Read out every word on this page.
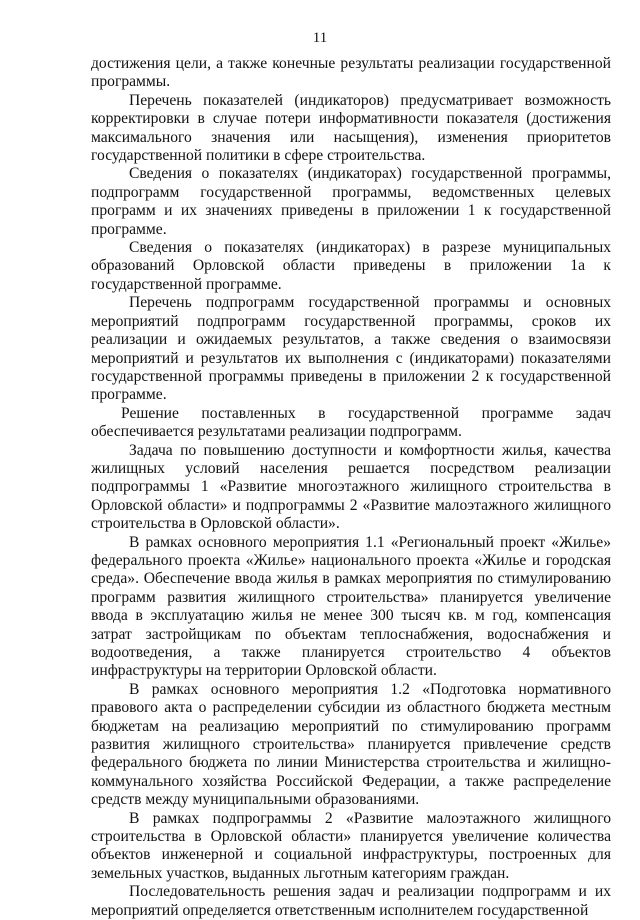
11

достижения цели, а также конечные результаты реализации государственной программы.

Перечень показателей (индикаторов) предусматривает возможность корректировки в случае потери информативности показателя (достижения максимального значения или насыщения), изменения приоритетов государственной политики в сфере строительства.

Сведения о показателях (индикаторах) государственной программы, подпрограмм государственной программы, ведомственных целевых программ и их значениях приведены в приложении 1 к государственной программе.

Сведения о показателях (индикаторах) в разрезе муниципальных образований Орловской области приведены в приложении 1а к государственной программе.

Перечень подпрограмм государственной программы и основных мероприятий подпрограмм государственной программы, сроков их реализации и ожидаемых результатов, а также сведения о взаимосвязи мероприятий и результатов их выполнения с (индикаторами) показателями государственной программы приведены в приложении 2 к государственной программе.

Решение поставленных в государственной программе задач обеспечивается результатами реализации подпрограмм.

Задача по повышению доступности и комфортности жилья, качества жилищных условий населения решается посредством реализации подпрограммы 1 «Развитие многоэтажного жилищного строительства в Орловской области» и подпрограммы 2 «Развитие малоэтажного жилищного строительства в Орловской области».

В рамках основного мероприятия 1.1 «Региональный проект «Жилье» федерального проекта «Жилье» национального проекта «Жилье и городская среда». Обеспечение ввода жилья в рамках мероприятия по стимулированию программ развития жилищного строительства» планируется увеличение ввода в эксплуатацию жилья не менее 300 тысяч кв. м год, компенсация затрат застройщикам по объектам теплоснабжения, водоснабжения и водоотведения, а также планируется строительство 4 объектов инфраструктуры на территории Орловской области.

В рамках основного мероприятия 1.2 «Подготовка нормативного правового акта о распределении субсидии из областного бюджета местным бюджетам на реализацию мероприятий по стимулированию программ развития жилищного строительства» планируется привлечение средств федерального бюджета по линии Министерства строительства и жилищно-коммунального хозяйства Российской Федерации, а также распределение средств между муниципальными образованиями.

В рамках подпрограммы 2 «Развитие малоэтажного жилищного строительства в Орловской области» планируется увеличение количества объектов инженерной и социальной инфраструктуры, построенных для земельных участков, выданных льготным категориям граждан.

Последовательность решения задач и реализации подпрограмм и их мероприятий определяется ответственным исполнителем государственной
